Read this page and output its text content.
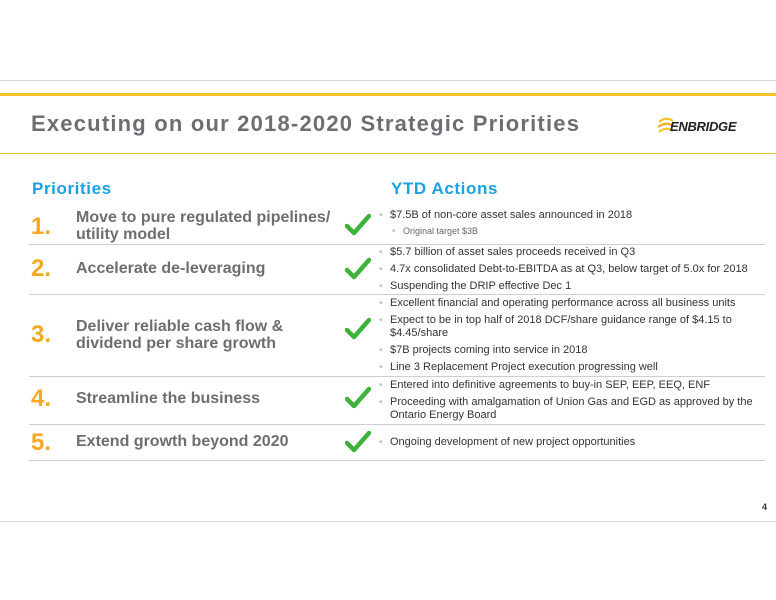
Executing on our 2018-2020 Strategic Priorities	ENBRIDGE
Priorities	YTD Actions
1. Move to pure regulated pipelines/ utility model
• $7.5B of non-core asset sales announced in 2018
• Original target $3B
2. Accelerate de-leveraging
• $5.7 billion of asset sales proceeds received in Q3
• 4.7x consolidated Debt-to-EBITDA as at Q3, below target of 5.0x for 2018
• Suspending the DRIP effective Dec 1
3. Deliver reliable cash flow & dividend per share growth
• Excellent financial and operating performance across all business units
• Expect to be in top half of 2018 DCF/share guidance range of $4.15 to $4.45/share
• $7B projects coming into service in 2018
• Line 3 Replacement Project execution progressing well
4. Streamline the business
• Entered into definitive agreements to buy-in SEP, EEP, EEQ, ENF
• Proceeding with amalgamation of Union Gas and EGD as approved by the Ontario Energy Board
5. Extend growth beyond 2020
•	Ongoing development of new project opportunities
4
